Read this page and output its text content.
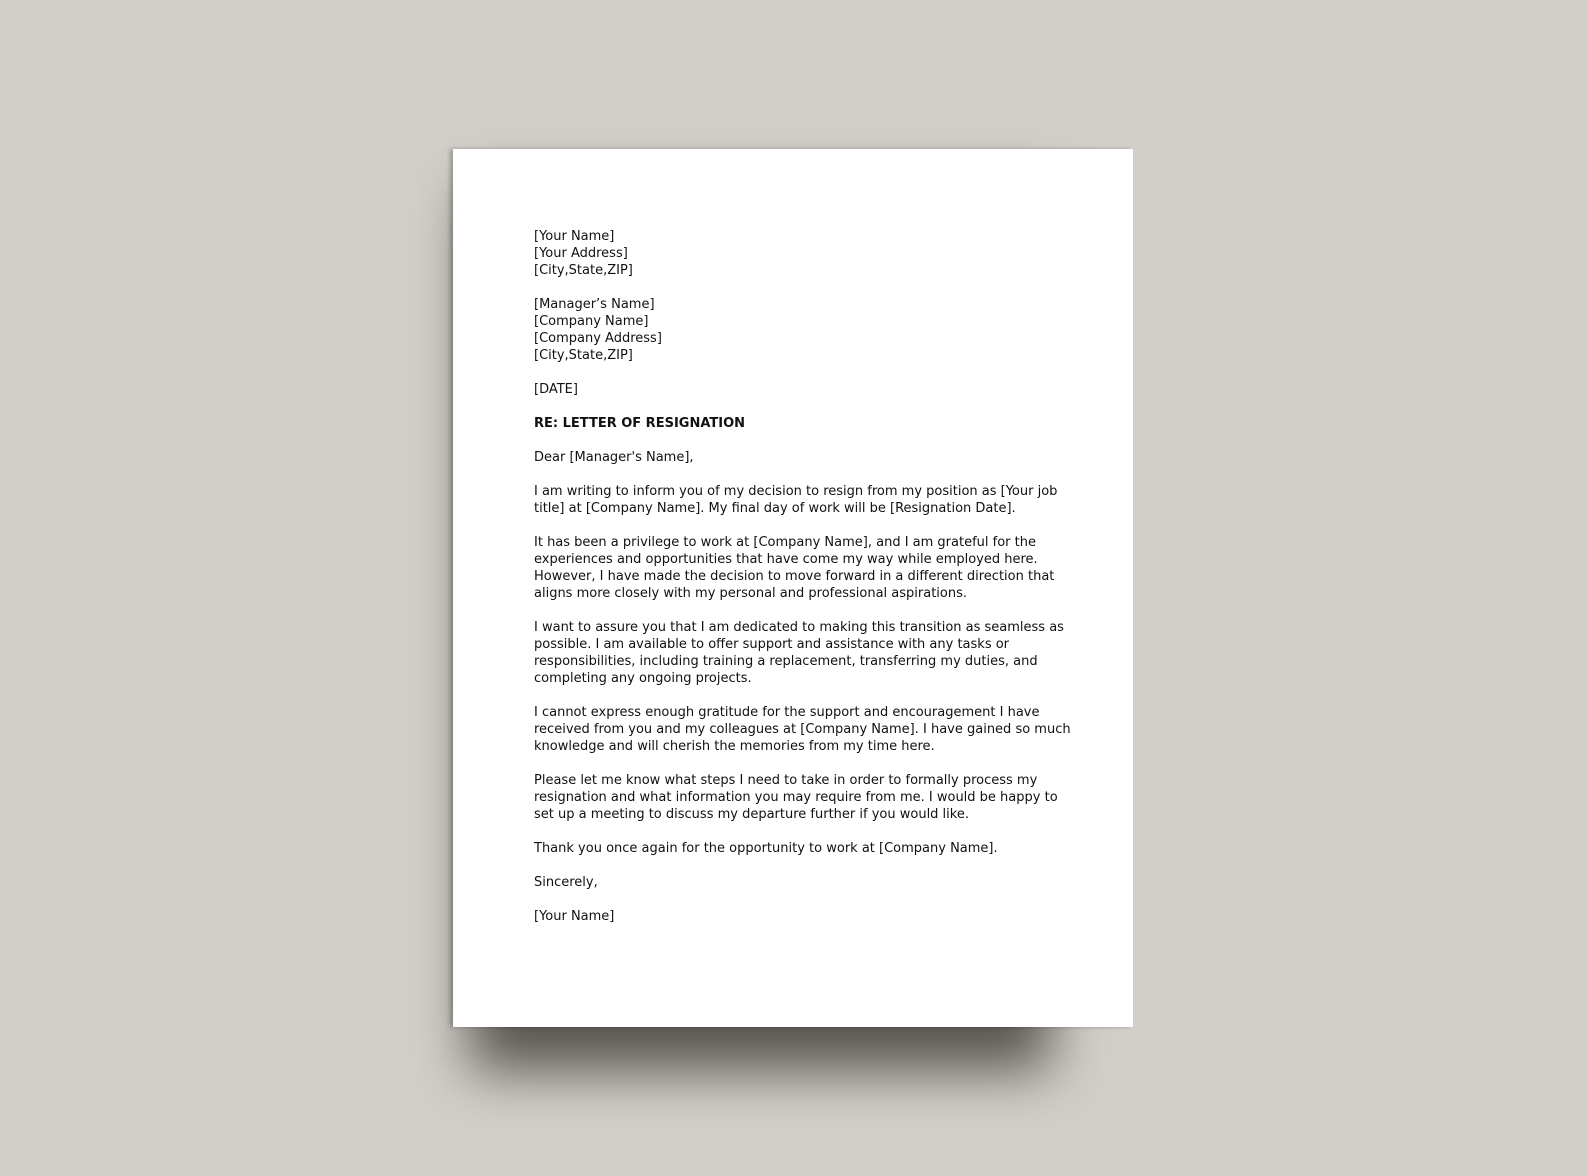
[Your Name]
[Your Address]
[City,State,ZIP]
[Manager’s Name]
[Company Name]
[Company Address]
[City,State,ZIP]
[DATE]
RE: LETTER OF RESIGNATION
Dear [Manager's Name],
I am writing to inform you of my decision to resign from my position as [Your job
title] at [Company Name]. My final day of work will be [Resignation Date].
It has been a privilege to work at [Company Name], and I am grateful for the
experiences and opportunities that have come my way while employed here.
However, I have made the decision to move forward in a different direction that
aligns more closely with my personal and professional aspirations.
I want to assure you that I am dedicated to making this transition as seamless as
possible. I am available to offer support and assistance with any tasks or
responsibilities, including training a replacement, transferring my duties, and
completing any ongoing projects.
I cannot express enough gratitude for the support and encouragement I have
received from you and my colleagues at [Company Name]. I have gained so much
knowledge and will cherish the memories from my time here.
Please let me know what steps I need to take in order to formally process my
resignation and what information you may require from me. I would be happy to
set up a meeting to discuss my departure further if you would like.
Thank you once again for the opportunity to work at [Company Name].
Sincerely,
[Your Name]
